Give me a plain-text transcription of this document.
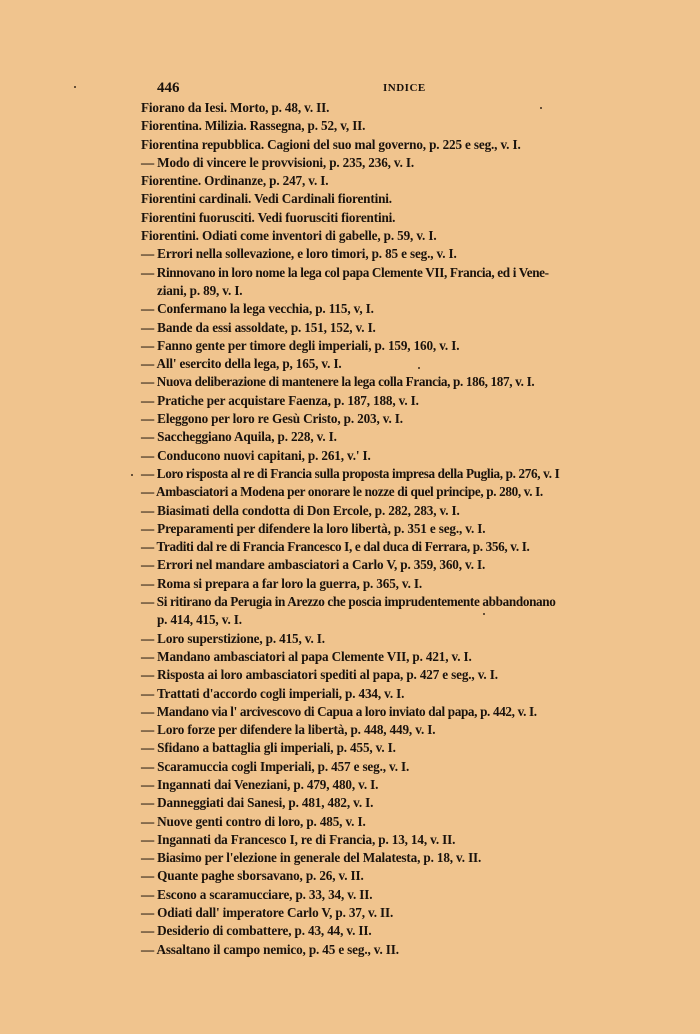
446	INDICE
Fiorano da Iesi. Morto, p. 48, v. II.
Fiorentina. Milizia. Rassegna, p. 52, v, II.
Fiorentina repubblica. Cagioni del suo mal governo, p. 225 e seg., v. I.
— Modo di vincere le provvisioni, p. 235, 236, v. I.
Fiorentine. Ordinanze, p. 247, v. I.
Fiorentini cardinali. Vedi Cardinali fiorentini.
Fiorentini fuorusciti. Vedi fuorusciti fiorentini.
Fiorentini. Odiati come inventori di gabelle, p. 59, v. I.
— Errori nella sollevazione, e loro timori, p. 85 e seg., v. I.
— Rinnovano in loro nome la lega col papa Clemente VII, Francia, ed i Vene-
ziani, p. 89, v. I.
— Confermano la lega vecchia, p. 115, v, I.
— Bande da essi assoldate, p. 151, 152, v. I.
— Fanno gente per timore degli imperiali, p. 159, 160, v. I.
— All' esercito della lega, p, 165, v. I.
— Nuova deliberazione di mantenere la lega colla Francia, p. 186, 187, v. I.
— Pratiche per acquistare Faenza, p. 187, 188, v. I.
— Eleggono per loro re Gesù Cristo, p. 203, v. I.
— Saccheggiano Aquila, p. 228, v. I.
— Conducono nuovi capitani, p. 261, v.' I.
— Loro risposta al re di Francia sulla proposta impresa della Puglia, p. 276, v. I
— Ambasciatori a Modena per onorare le nozze di quel principe, p. 280, v. I.
— Biasimati della condotta di Don Ercole, p. 282, 283, v. I.
— Preparamenti per difendere la loro libertà, p. 351 e seg., v. I.
— Traditi dal re di Francia Francesco I, e dal duca di Ferrara, p. 356, v. I.
— Errori nel mandare ambasciatori a Carlo V, p. 359, 360, v. I.
— Roma si prepara a far loro la guerra, p. 365, v. I.
— Si ritirano da Perugia in Arezzo che poscia imprudentemente abbandonano
p. 414, 415, v. I.
— Loro superstizione, p. 415, v. I.
— Mandano ambasciatori al papa Clemente VII, p. 421, v. I.
— Risposta ai loro ambasciatori spediti al papa, p. 427 e seg., v. I.
— Trattati d'accordo cogli imperiali, p. 434, v. I.
— Mandano via l' arcivescovo di Capua a loro inviato dal papa, p. 442, v. I.
— Loro forze per difendere la libertà, p. 448, 449, v. I.
— Sfidano a battaglia gli imperiali, p. 455, v. I.
— Scaramuccia cogli Imperiali, p. 457 e seg., v. I.
— Ingannati dai Veneziani, p. 479, 480, v. I.
— Danneggiati dai Sanesi, p. 481, 482, v. I.
— Nuove genti contro di loro, p. 485, v. I.
— Ingannati da Francesco I, re di Francia, p. 13, 14, v. II.
— Biasimo per l'elezione in generale del Malatesta, p. 18, v. II.
— Quante paghe sborsavano, p. 26, v. II.
— Escono a scaramucciare, p. 33, 34, v. II.
— Odiati dall' imperatore Carlo V, p. 37, v. II.
— Desiderio di combattere, p. 43, 44, v. II.
— Assaltano il campo nemico, p. 45 e seg., v. II.
